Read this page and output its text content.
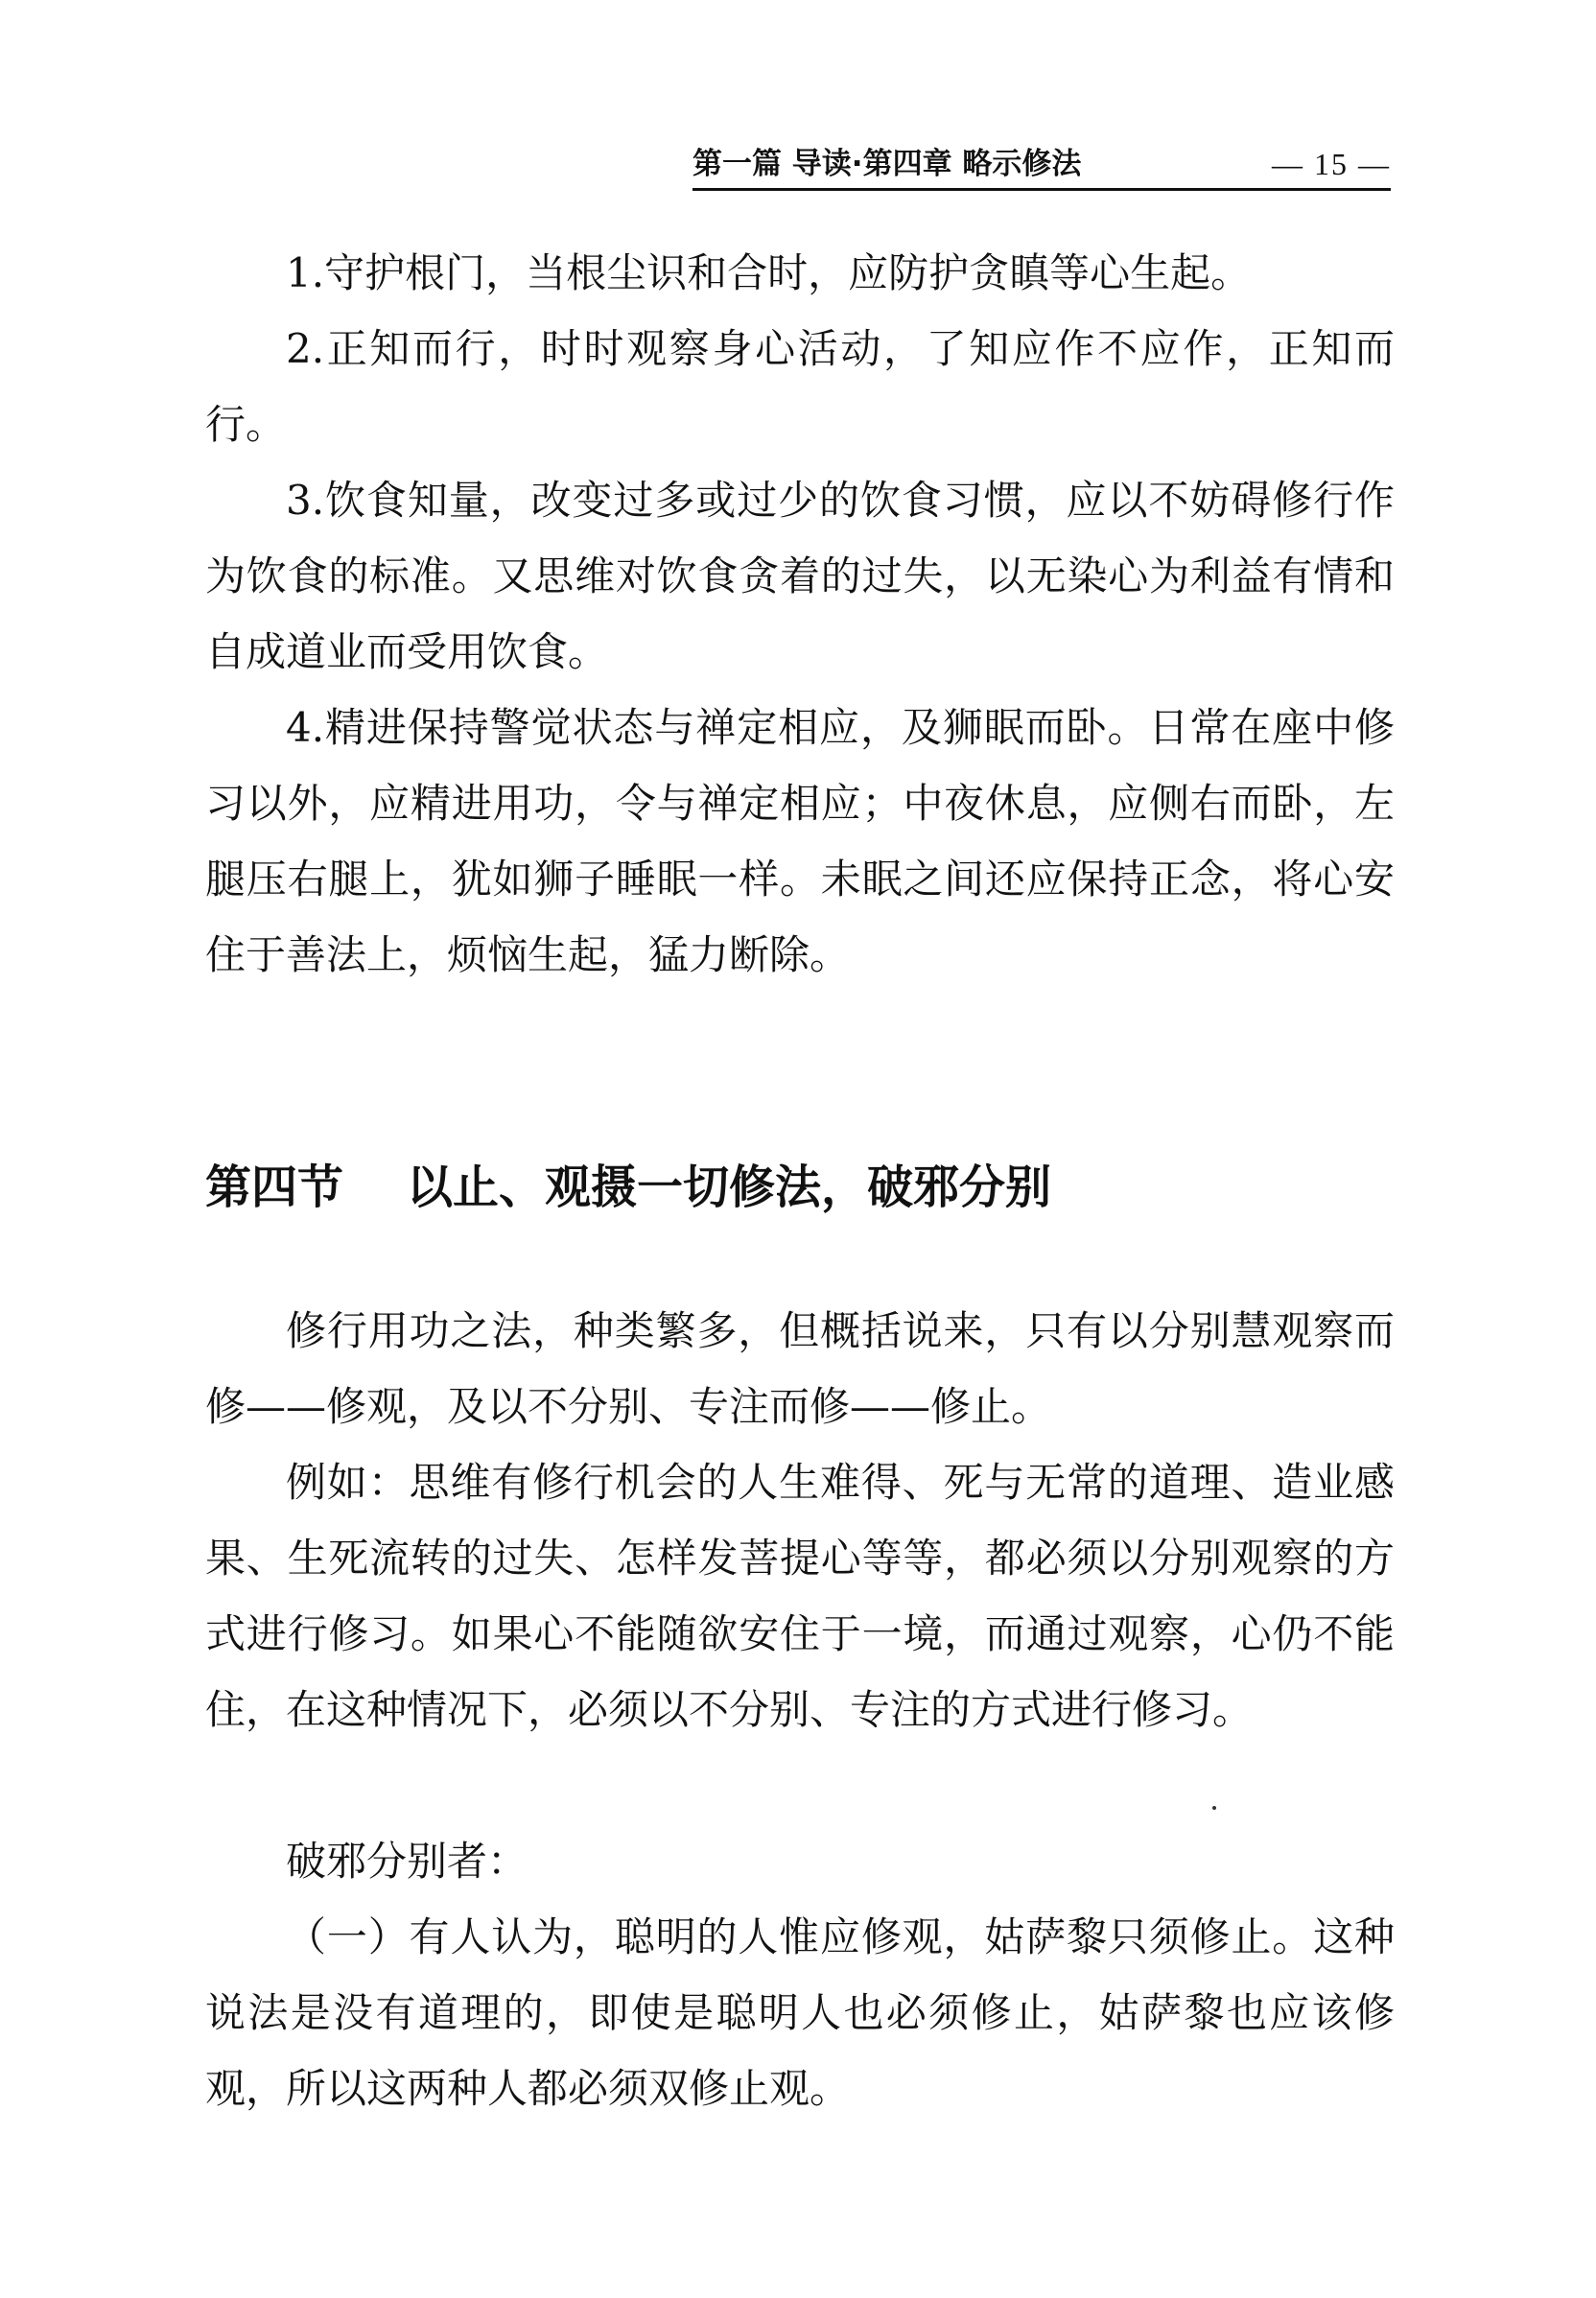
第一篇 导读·第四章 略示修法	— 15 —

1.守护根门，当根尘识和合时，应防护贪瞋等心生起。

2.正知而行，时时观察身心活动，了知应作不应作，正知而行。

3.饮食知量，改变过多或过少的饮食习惯，应以不妨碍修行作为饮食的标准。又思维对饮食贪着的过失，以无染心为利益有情和自成道业而受用饮食。

4.精进保持警觉状态与禅定相应，及狮眠而卧。日常在座中修习以外，应精进用功，令与禅定相应；中夜休息，应侧右而卧，左腿压右腿上，犹如狮子睡眠一样。未眠之间还应保持正念，将心安住于善法上，烦恼生起，猛力断除。

第四节 以止、观摄一切修法，破邪分别

修行用功之法，种类繁多，但概括说来，只有以分别慧观察而修——修观，及以不分别、专注而修——修止。

例如：思维有修行机会的人生难得、死与无常的道理、造业感果、生死流转的过失、怎样发菩提心等等，都必须以分别观察的方式进行修习。如果心不能随欲安住于一境，而通过观察，心仍不能住，在这种情况下，必须以不分别、专注的方式进行修习。

破邪分别者：

（一）有人认为，聪明的人惟应修观，姑萨黎只须修止。这种说法是没有道理的，即使是聪明人也必须修止，姑萨黎也应该修观，所以这两种人都必须双修止观。
